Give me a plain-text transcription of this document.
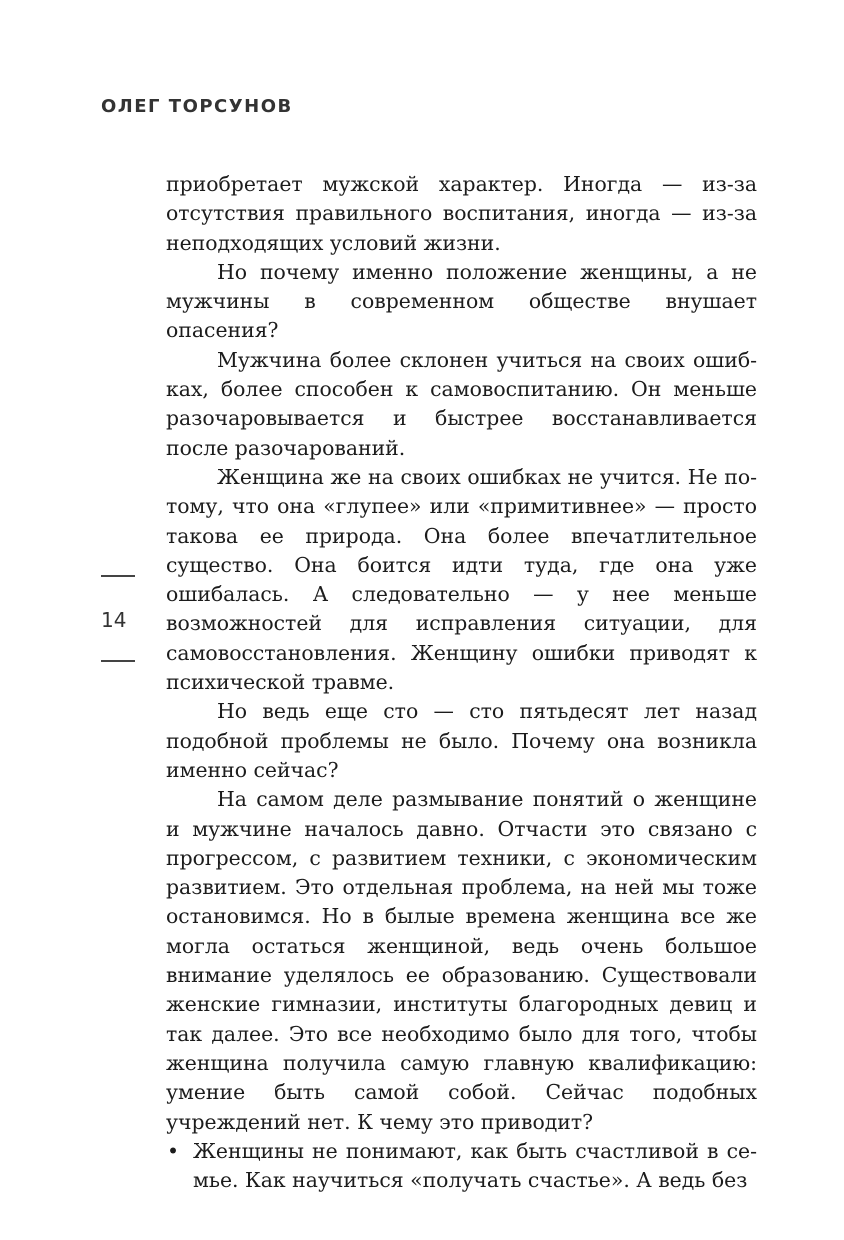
ОЛЕГ ТОРСУНОВ
14

приобретает мужской характер. Иногда — из-за отсутствия правильного воспитания, иногда — из-за неподходящих условий жизни.

Но почему именно положение женщины, а не мужчины в современном обществе внушает опасения?

Мужчина более склонен учиться на своих ошибках, более способен к самовоспитанию. Он меньше разочаровывается и быстрее восстанавливается после разочарований.

Женщина же на своих ошибках не учится. Не потому, что она «глупее» или «примитивнее» — просто такова ее природа. Она более впечатлительное существо. Она боится идти туда, где она уже ошибалась. А следовательно — у нее меньше возможностей для исправления ситуации, для самовосстановления. Женщину ошибки приводят к психической травме.

Но ведь еще сто — сто пятьдесят лет назад подобной проблемы не было. Почему она возникла именно сейчас?

На самом деле размывание понятий о женщине и мужчине началось давно. Отчасти это связано с прогрессом, с развитием техники, с экономическим развитием. Это отдельная проблема, на ней мы тоже остановимся. Но в былые времена женщина все же могла остаться женщиной, ведь очень большое внимание уделялось ее образованию. Существовали женские гимназии, институты благородных девиц и так далее. Это все необходимо было для того, чтобы женщина получила самую главную квалификацию: умение быть самой собой. Сейчас подобных учреждений нет. К чему это приводит?

• Женщины не понимают, как быть счастливой в семье. Как научиться «получать счастье». А ведь без
